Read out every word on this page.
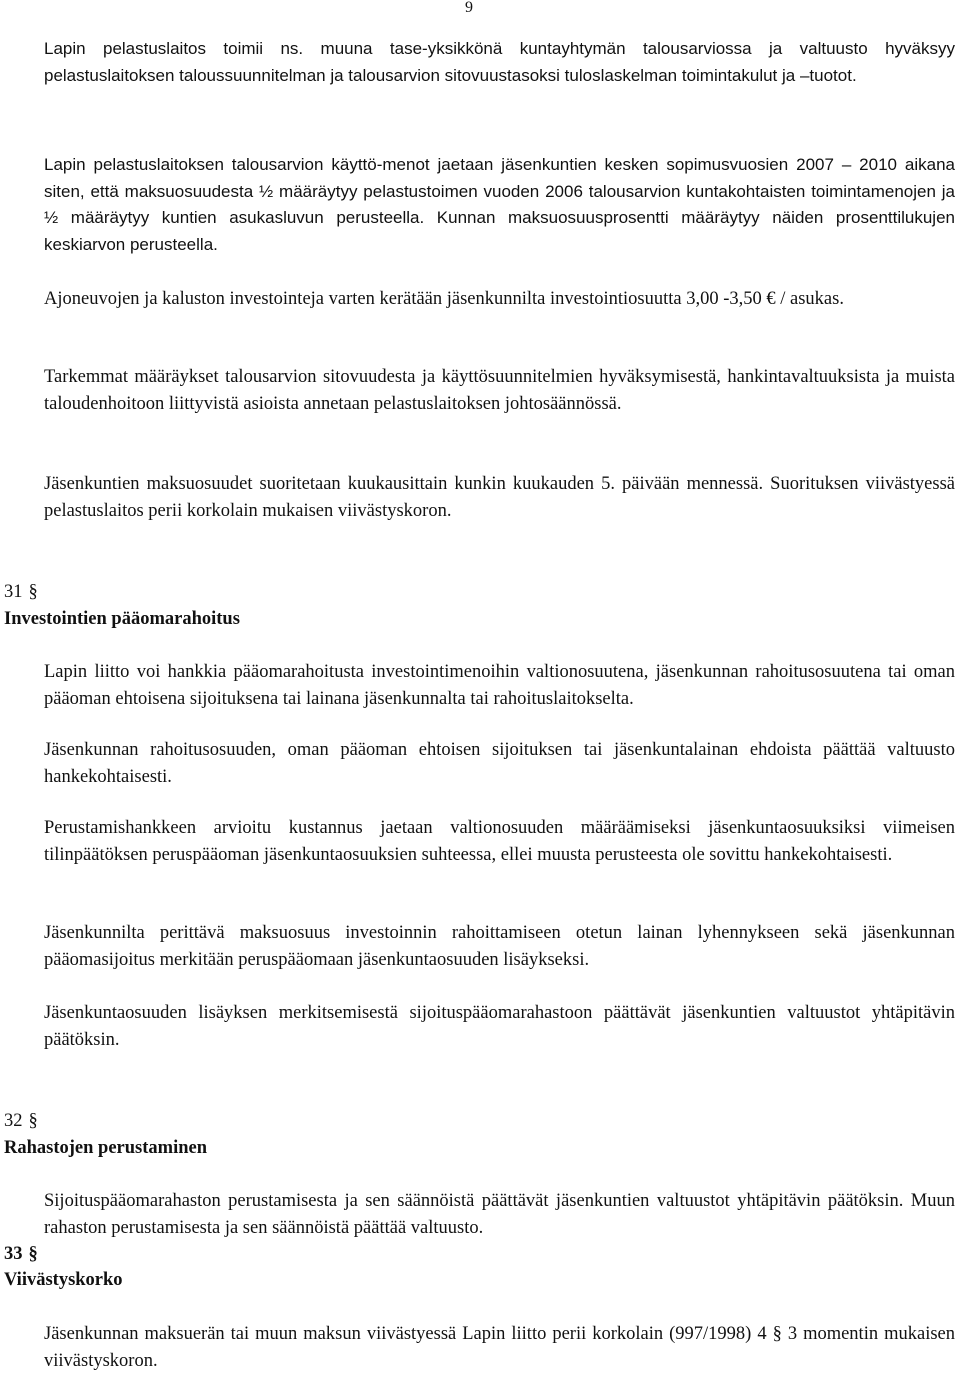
9

Lapin pelastuslaitos toimii ns. muuna tase-yksikkönä kuntayhtymän talousarviossa ja valtuusto hyväksyy pelastuslaitoksen taloussuunnitelman ja talousarvion sitovuustasoksi tuloslaskelman toimintakulut ja –tuotot.

Lapin pelastuslaitoksen talousarvion käyttö-menot jaetaan jäsenkuntien kesken sopimusvuosien 2007 – 2010 aikana siten, että maksuosuudesta ½ määräytyy pelastustoimen vuoden 2006 talousarvion kuntakohtaisten toimintamenojen ja ½ määräytyy kuntien asukasluvun perusteella. Kunnan maksuosuusprosentti määräytyy näiden prosenttilukujen keskiarvon perusteella.

Ajoneuvojen ja kaluston investointeja varten kerätään jäsenkunnilta investointiosuutta 3,00 -3,50 € / asukas.

Tarkemmat määräykset talousarvion sitovuudesta ja käyttösuunnitelmien hyväksymisestä, hankintavaltuuksista ja muista taloudenhoitoon liittyvistä asioista annetaan pelastuslaitoksen johtosäännössä.

Jäsenkuntien maksuosuudet suoritetaan kuukausittain kunkin kuukauden 5. päivään mennessä. Suorituksen viivästyessä pelastuslaitos perii korkolain mukaisen viivästyskoron.

31 §
Investointien pääomarahoitus

Lapin liitto voi hankkia pääomarahoitusta investointimenoihin valtionosuutena, jäsenkunnan rahoitusosuutena tai oman pääoman ehtoisena sijoituksena tai lainana jäsenkunnalta tai rahoituslaitokselta.

Jäsenkunnan rahoitusosuuden, oman pääoman ehtoisen sijoituksen tai jäsenkuntalainan ehdoista päättää valtuusto hankekohtaisesti.

Perustamishankkeen arvioitu kustannus jaetaan valtionosuuden määräämiseksi jäsenkuntaosuuksiksi viimeisen tilinpäätöksen peruspääoman jäsenkuntaosuuksien suhteessa, ellei muusta perusteesta ole sovittu hankekohtaisesti.

Jäsenkunnilta perittävä maksuosuus investoinnin rahoittamiseen otetun lainan lyhennykseen sekä jäsenkunnan pääomasijoitus merkitään peruspääomaan jäsenkuntaosuuden lisäykseksi.

Jäsenkuntaosuuden lisäyksen merkitsemisestä sijoituspääomarahastoon päättävät jäsenkuntien valtuustot yhtäpitävin päätöksin.

32 §
Rahastojen perustaminen

Sijoituspääomarahaston perustamisesta ja sen säännöistä päättävät jäsenkuntien valtuustot yhtäpitävin päätöksin. Muun rahaston perustamisesta ja sen säännöistä päättää valtuusto.

33 §
Viivästyskorko

Jäsenkunnan maksuerän tai muun maksun viivästyessä Lapin liitto perii korkolain (997/1998) 4 § 3 momentin mukaisen viivästyskoron.
